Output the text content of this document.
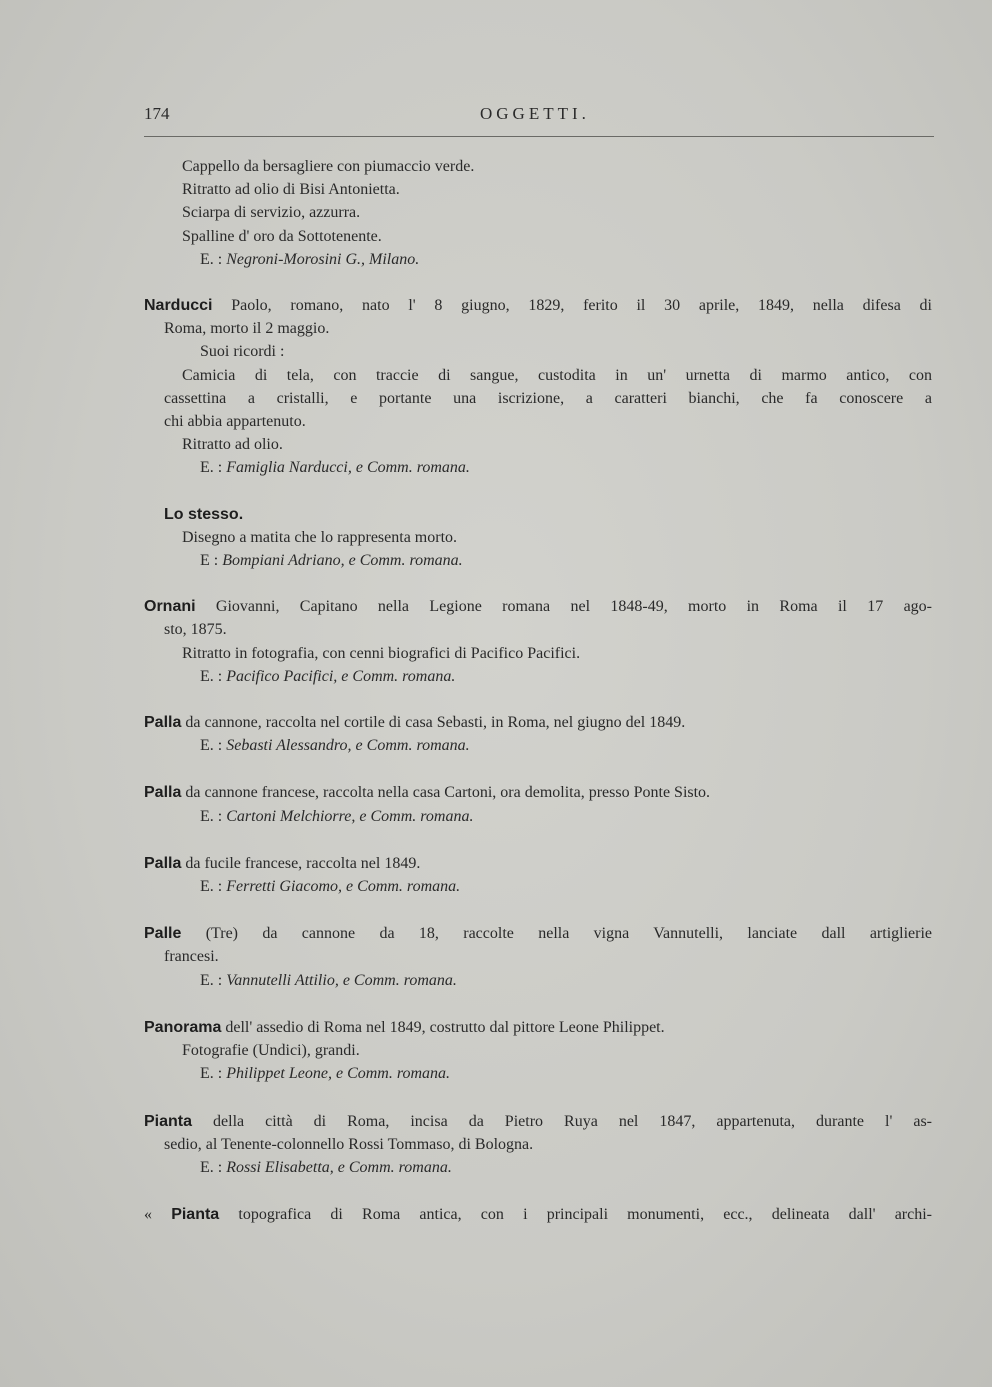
174	OGGETTI.
Cappello da bersagliere con piumaccio verde.
Ritratto ad olio di Bisi Antonietta.
Sciarpa di servizio, azzurra.
Spalline d' oro da Sottotenente.
E. : Negroni-Morosini G., Milano.
Narducci Paolo, romano, nato l' 8 giugno, 1829, ferito il 30 aprile, 1849, nella difesa di
Roma, morto il 2 maggio.
Suoi ricordi :
Camicia di tela, con traccie di sangue, custodita in un' urnetta di marmo antico, con
cassettina a cristalli, e portante una iscrizione, a caratteri bianchi, che fa conoscere a
chi abbia appartenuto.
Ritratto ad olio.
E. : Famiglia Narducci, e Comm. romana.
Lo stesso.
Disegno a matita che lo rappresenta morto.
E : Bompiani Adriano, e Comm. romana.
Ornani Giovanni, Capitano nella Legione romana nel 1848-49, morto in Roma il 17 ago-
sto, 1875.
Ritratto in fotografia, con cenni biografici di Pacifico Pacifici.
E. : Pacifico Pacifici, e Comm. romana.
Palla da cannone, raccolta nel cortile di casa Sebasti, in Roma, nel giugno del 1849.
E. : Sebasti Alessandro, e Comm. romana.
Palla da cannone francese, raccolta nella casa Cartoni, ora demolita, presso Ponte Sisto.
E. : Cartoni Melchiorre, e Comm. romana.
Palla da fucile francese, raccolta nel 1849.
E. : Ferretti Giacomo, e Comm. romana.
Palle (Tre) da cannone da 18, raccolte nella vigna Vannutelli, lanciate dall artiglierie
francesi.
E. : Vannutelli Attilio, e Comm. romana.
Panorama dell' assedio di Roma nel 1849, costrutto dal pittore Leone Philippet.
Fotografie (Undici), grandi.
E. : Philippet Leone, e Comm. romana.
Pianta della città di Roma, incisa da Pietro Ruya nel 1847, appartenuta, durante l' as-
sedio, al Tenente-colonnello Rossi Tommaso, di Bologna.
E. : Rossi Elisabetta, e Comm. romana.
« Pianta topografica di Roma antica, con i principali monumenti, ecc., delineata dall' archi-
